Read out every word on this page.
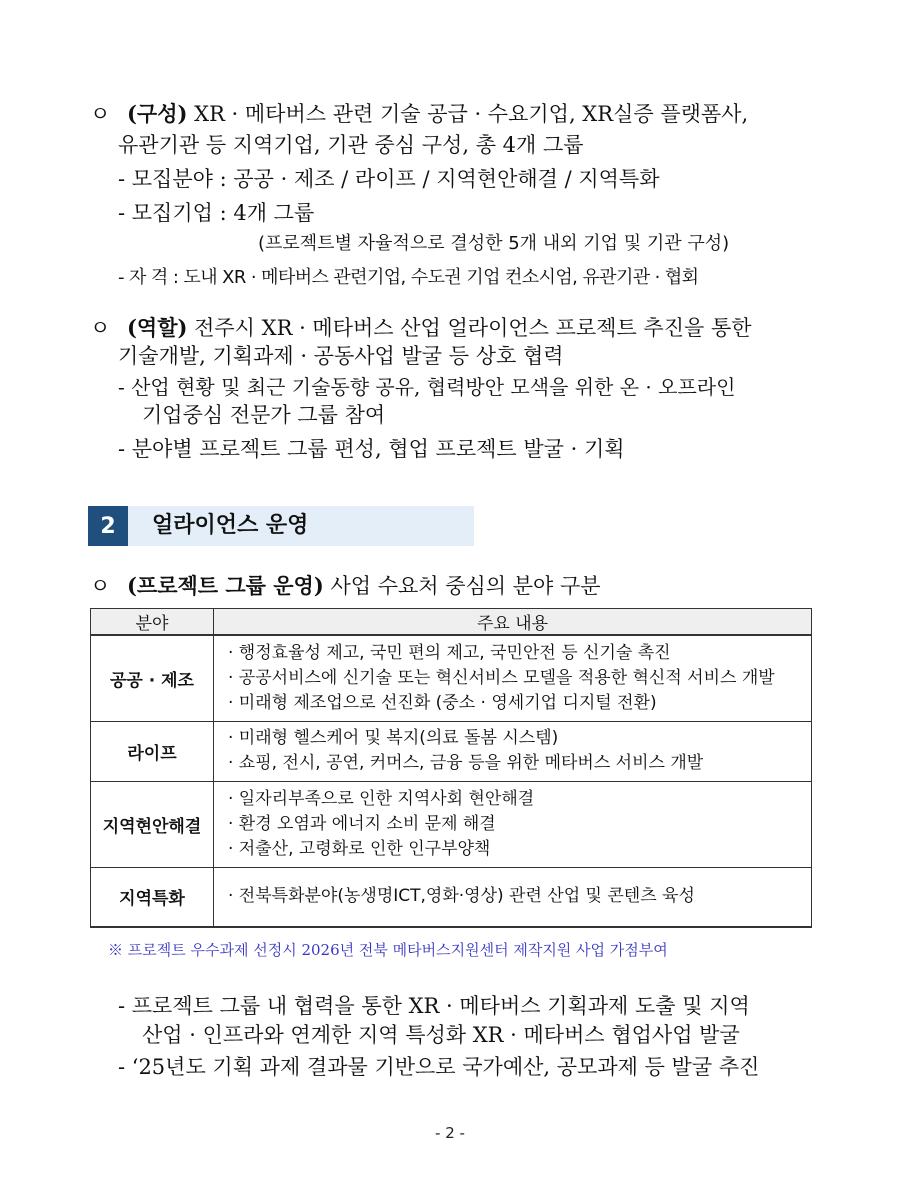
ㅇ (구성) XR · 메타버스 관련 기술 공급 · 수요기업, XR실증 플랫폼사,
유관기관 등 지역기업, 기관 중심 구성, 총 4개 그룹
- 모집분야 : 공공 · 제조 / 라이프 / 지역현안해결 / 지역특화
- 모집기업 : 4개 그룹
(프로젝트별 자율적으로 결성한 5개 내외 기업 및 기관 구성)
- 자 격 : 도내 XR · 메타버스 관련기업, 수도권 기업 컨소시엄, 유관기관 · 협회
ㅇ (역할) 전주시 XR · 메타버스 산업 얼라이언스 프로젝트 추진을 통한
기술개발, 기획과제 · 공동사업 발굴 등 상호 협력
- 산업 현황 및 최근 기술동향 공유, 협력방안 모색을 위한 온 · 오프라인
기업중심 전문가 그룹 참여
- 분야별 프로젝트 그룹 편성, 협업 프로젝트 발굴 · 기획
2	얼라이언스 운영
ㅇ (프로젝트 그룹 운영) 사업 수요처 중심의 분야 구분
분야	주요 내용
공공 · 제조	· 행정효율성 제고, 국민 편의 제고, 국민안전 등 신기술 촉진
· 공공서비스에 신기술 또는 혁신서비스 모델을 적용한 혁신적 서비스 개발
· 미래형 제조업으로 선진화 (중소 · 영세기업 디지털 전환)

라이프	· 미래형 헬스케어 및 복지(의료 돌봄 시스템)
· 쇼핑, 전시, 공연, 커머스, 금융 등을 위한 메타버스 서비스 개발

지역현안해결	· 일자리부족으로 인한 지역사회 현안해결
· 환경 오염과 에너지 소비 문제 해결
· 저출산, 고령화로 인한 인구부양책

지역특화	· 전북특화분야(농생명ICT,영화·영상) 관련 산업 및 콘텐츠 육성
※ 프로젝트 우수과제 선정시 2026년 전북 메타버스지원센터 제작지원 사업 가점부여
- 프로젝트 그룹 내 협력을 통한 XR · 메타버스 기획과제 도출 및 지역
산업 · 인프라와 연계한 지역 특성화 XR · 메타버스 협업사업 발굴
- ‘25년도 기획 과제 결과물 기반으로 국가예산, 공모과제 등 발굴 추진
- 2 -
